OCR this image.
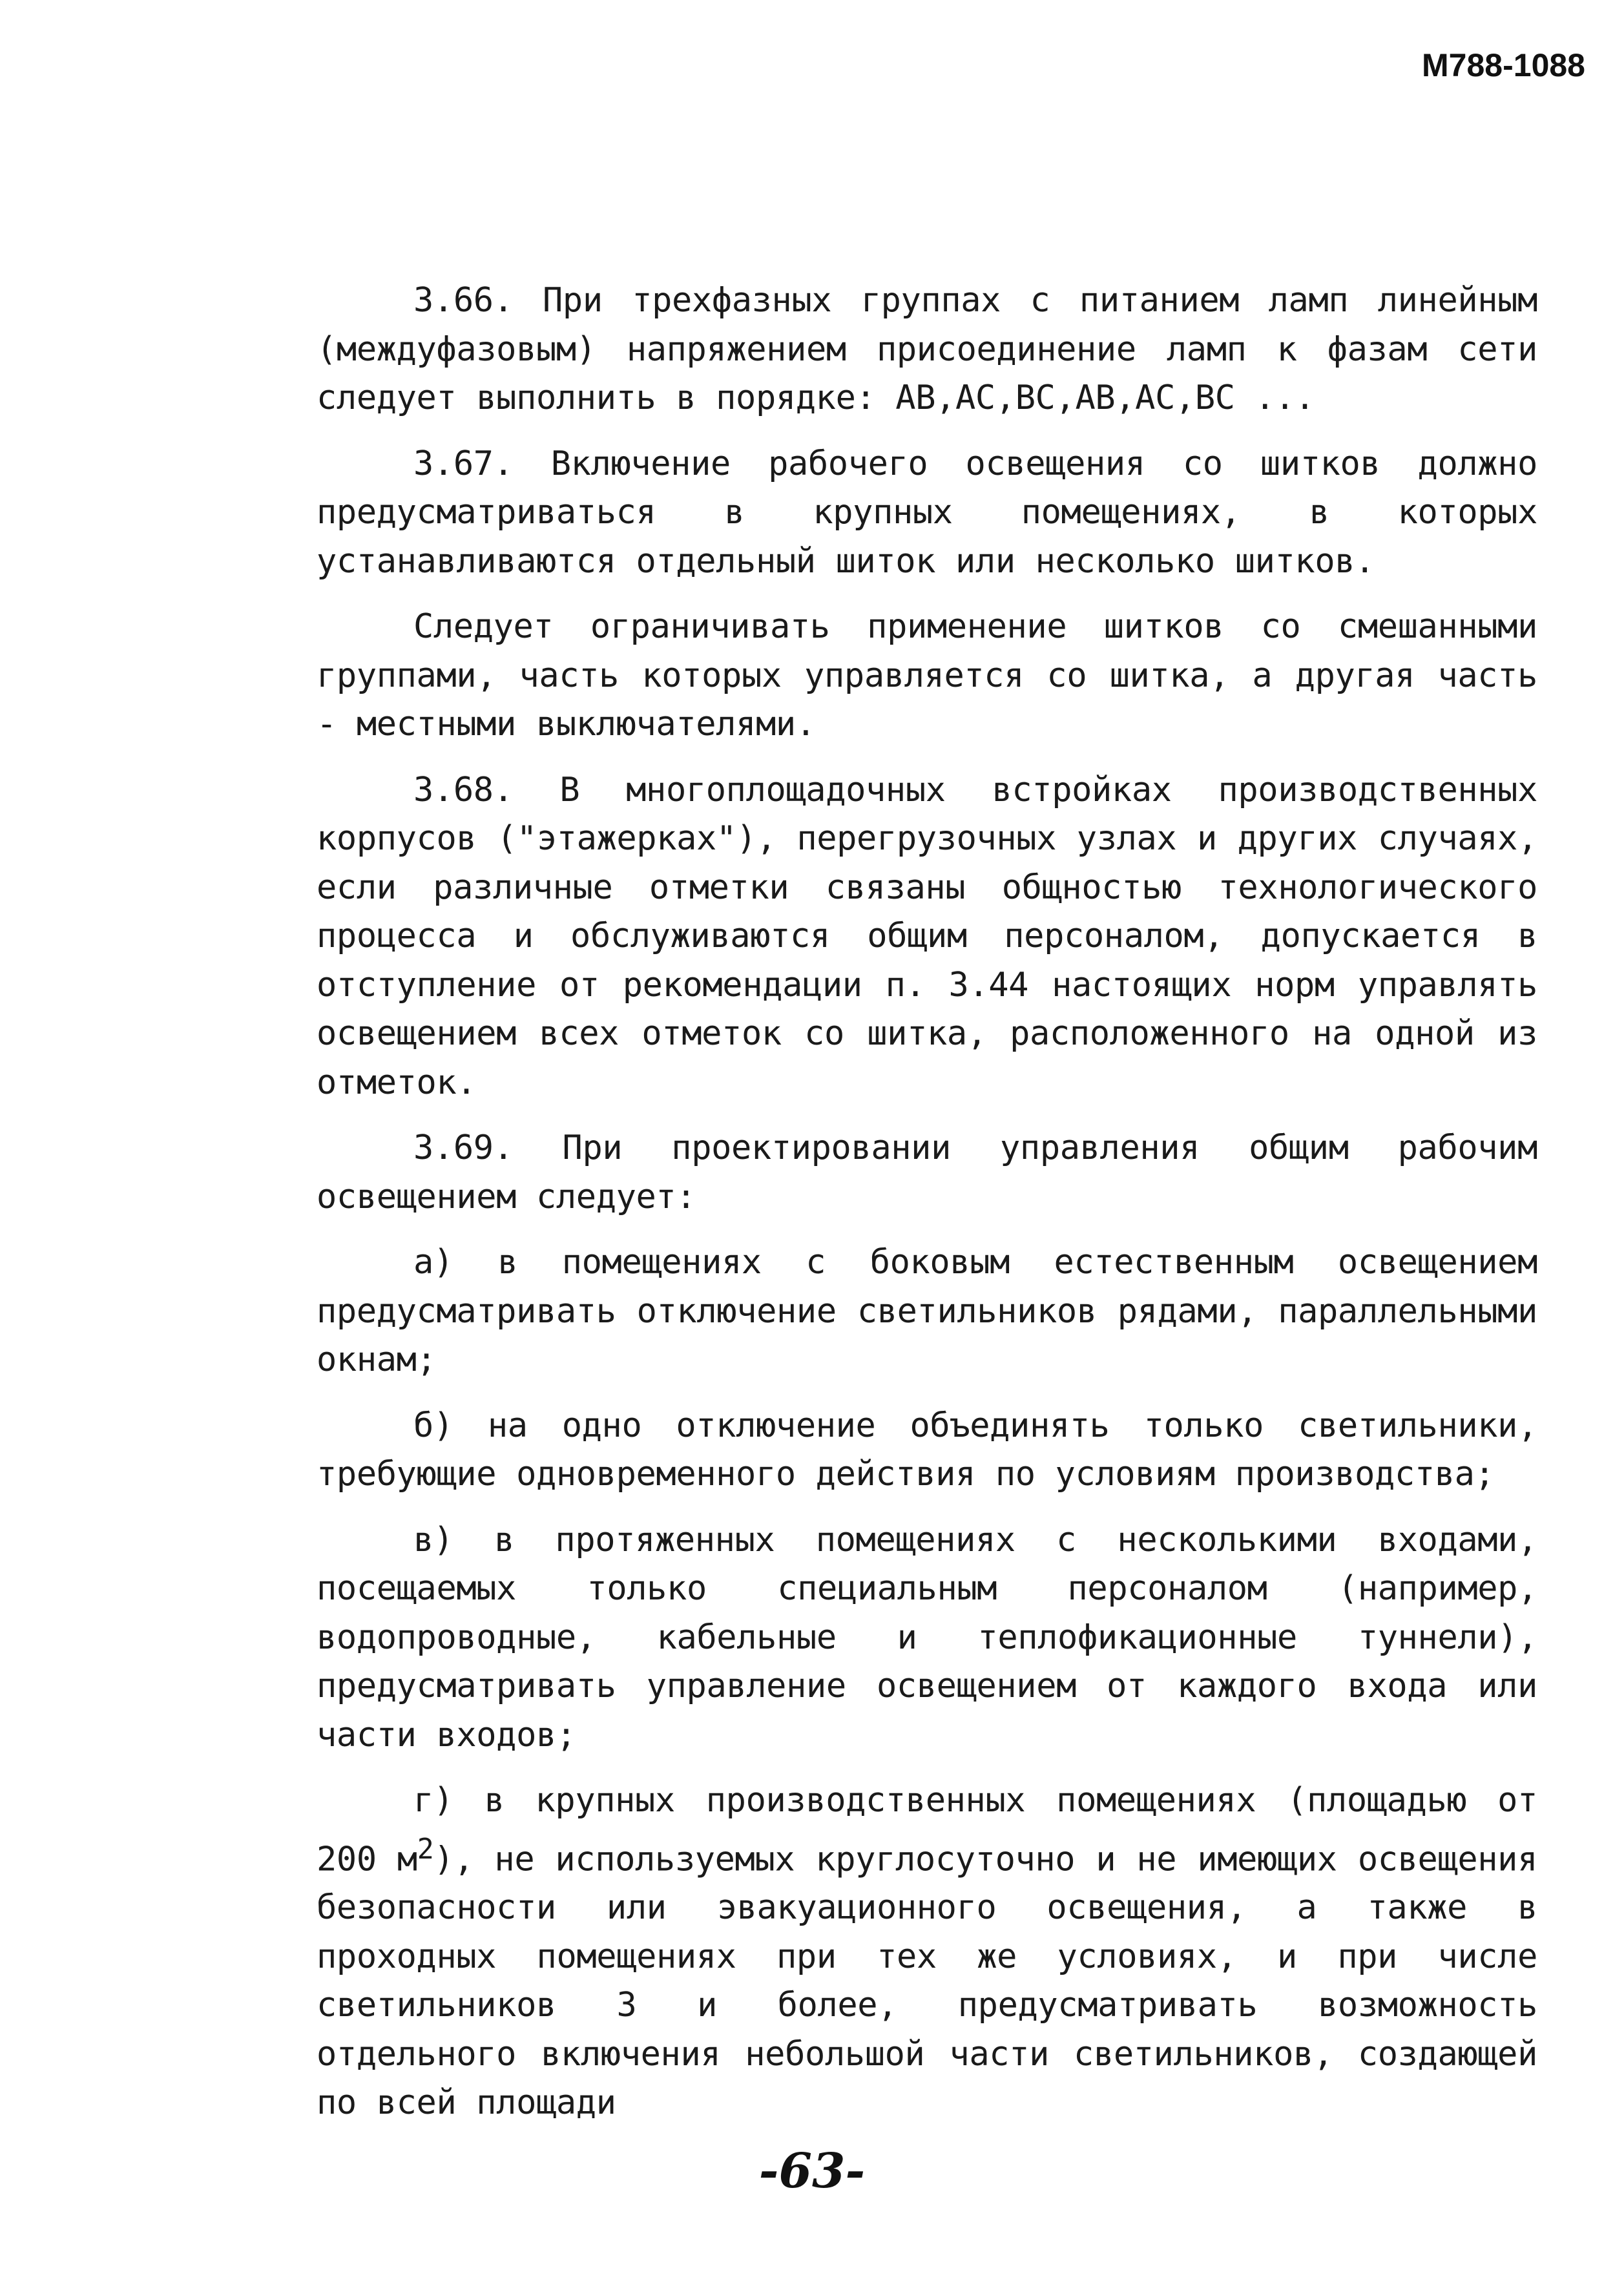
М788-1088

3.66. При трехфазных группах с питанием ламп линейным (междуфазовым) напряжением присоединение ламп к фазам сети следует выполнить в порядке: АВ,АС,ВС,АВ,АС,ВС ...

3.67. Включение рабочего освещения со шитков должно предусматриваться в крупных помещениях, в которых устанавливаются отдельный шиток или несколько шитков.

Следует ограничивать применение шитков со смешанными группами, часть которых управляется со шитка, а другая часть - местными выключателями.

3.68. В многоплощадочных встройках производственных корпусов ("этажерках"), перегрузочных узлах и других случаях, если различные отметки связаны общностью технологического процесса и обслуживаются общим персоналом, допускается в отступление от рекомендации п. 3.44 настоящих норм управлять освещением всех отметок со шитка, расположенного на одной из отметок.

3.69. При проектировании управления общим рабочим освещением следует:

а) в помещениях с боковым естественным освещением предусматривать отключение светильников рядами, параллельными окнам;

б) на одно отключение объединять только светильники, требующие одновременного действия по условиям производства;

в) в протяженных помещениях с несколькими входами, посещаемых только специальным персоналом (например, водопроводные, кабельные и теплофикационные туннели), предусматривать управление освещением от каждого входа или части входов;

г) в крупных производственных помещениях (площадью от 200 $м^2$), не используемых круглосуточно и не имеющих освещения безопасности или эвакуационного освещения, а также в проходных помещениях при тех же условиях, и при числе светильников 3 и более, предусматривать возможность отдельного включения небольшой части светильников, создающей по всей площади

-63-
